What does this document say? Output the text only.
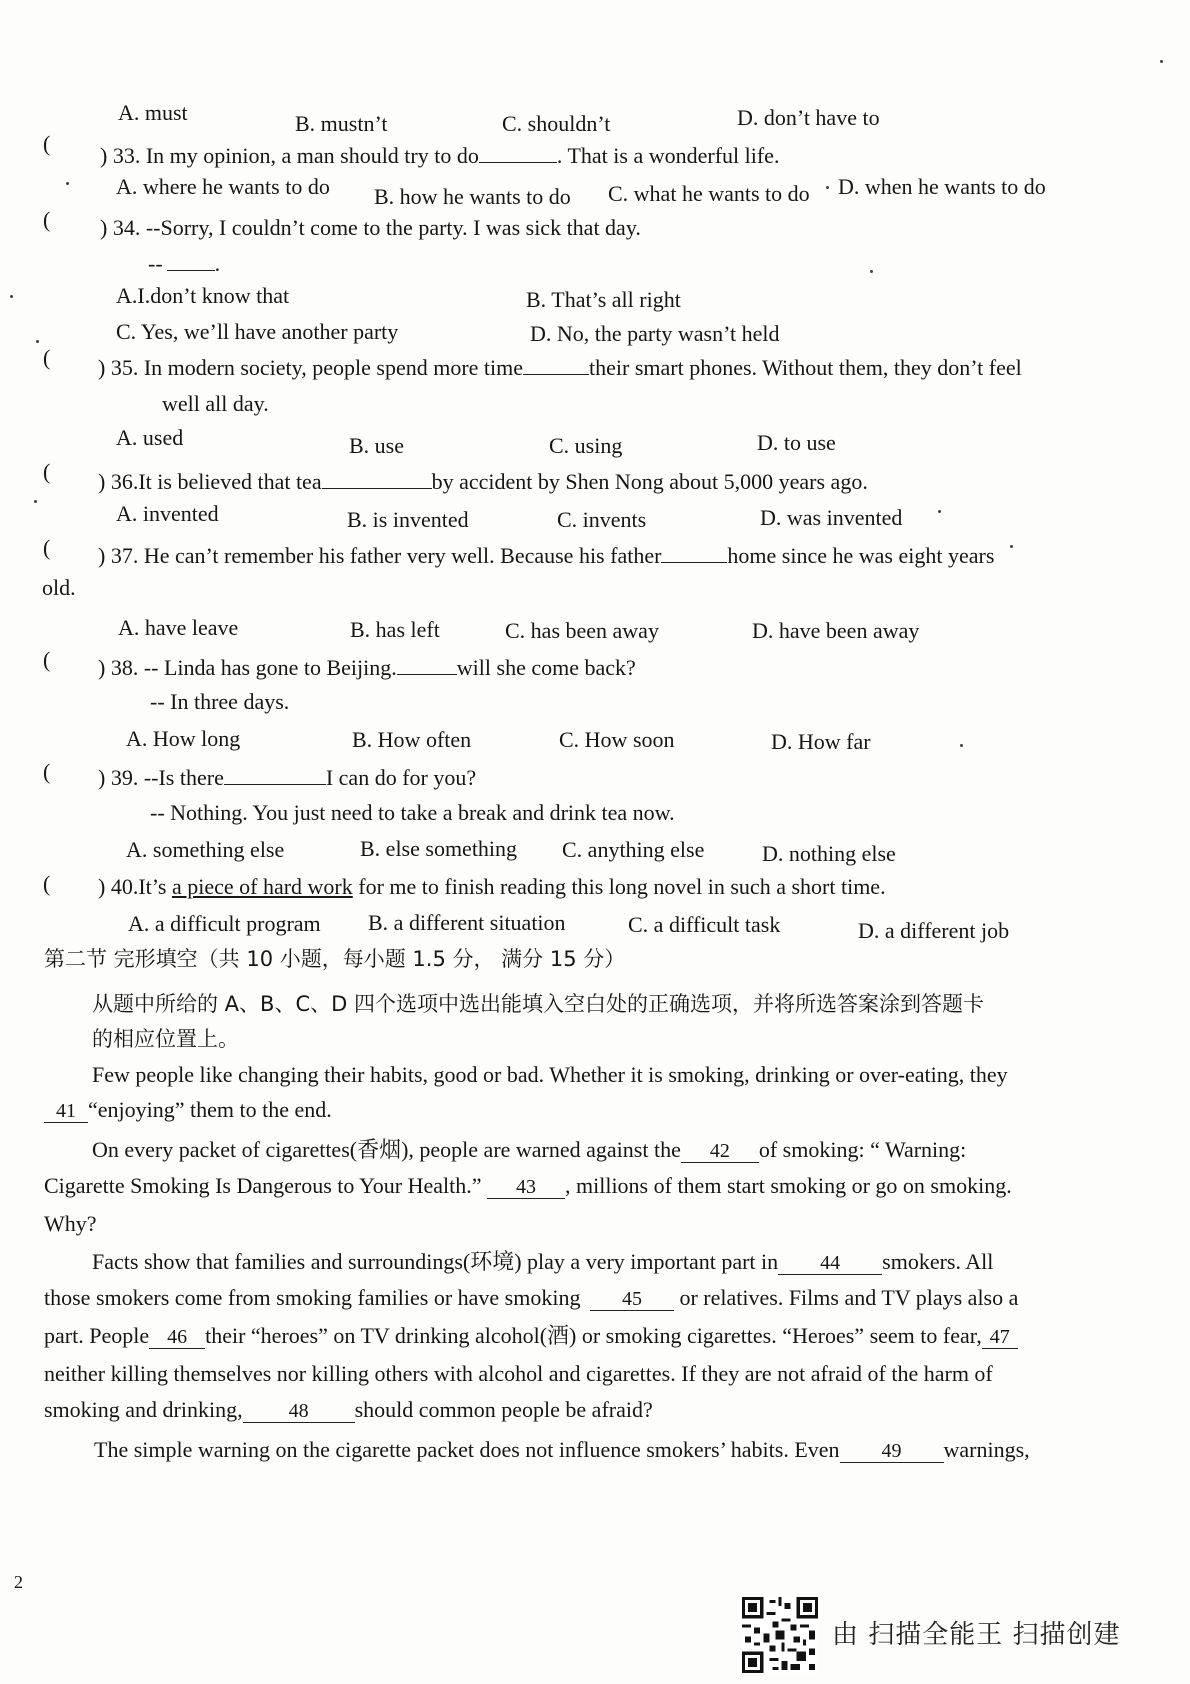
A. must	B. mustn’t	C. shouldn’t	D. don’t have to
( ) 33. In my opinion, a man should try to do	. That is a wonderful life.
A. where he wants to do B. how he wants to do C. what he wants to do D. when he wants to do
( ) 34. --Sorry, I couldn’t come to the party. I was sick that day.
-- .
A.I.don’t know that	B. That’s all right
C. Yes, we’ll have another party	D. No, the party wasn’t held
( ) 35. In modern society, people spend more time	their smart phones. Without them, they don’t feel
well all day.
A. used	B. use	C. using	D. to use
( ) 36.It is believed that tea	by accident by Shen Nong about 5,000 years ago.
A. invented	B. is invented	C. invents	D. was invented
( ) 37. He can’t remember his father very well. Because his father	home since he was eight years
old.
A. have leave	B. has left	C. has been away	D. have been away
( ) 38. -- Linda has gone to Beijing.	will she come back?
-- In three days.
A. How long	B. How often	C. How soon	D. How far
( ) 39. --Is there	I can do for you?
-- Nothing. You just need to take a break and drink tea now.
A. something else	B. else something C. anything else	D. nothing else
( ) 40.It’s a piece of hard work for me to finish reading this long novel in such a short time.
A. a difficult program B. a different situation	C. a difficult task	D. a different job
第二节 完形填空（共 10 小题，每小题 1.5 分， 满分 15 分）
从题中所给的 A、B、C、D 四个选项中选出能填入空白处的正确选项，并将所选答案涂到答题卡
的相应位置上。
Few people like changing their habits, good or bad. Whether it is smoking, drinking or over-eating, they
41 “enjoying” them to the end.
On every packet of cigarettes(香烟), people are warned against the 42 of smoking: “ Warning:
Cigarette Smoking Is Dangerous to Your Health.” 43 , millions of them start smoking or go on smoking.
Why?
Facts show that families and surroundings(环境) play a very important part in 44 smokers. All
those smokers come from smoking families or have smoking 45 or relatives. Films and TV plays also a
part. People 46 their “heroes” on TV drinking alcohol(酒) or smoking cigarettes. “Heroes” seem to fear, 47
neither killing themselves nor killing others with alcohol and cigarettes. If they are not afraid of the harm of
smoking and drinking, 48 should common people be afraid?
The simple warning on the cigarette packet does not influence smokers’ habits. Even 49 warnings,
2
由 扫描全能王 扫描创建
